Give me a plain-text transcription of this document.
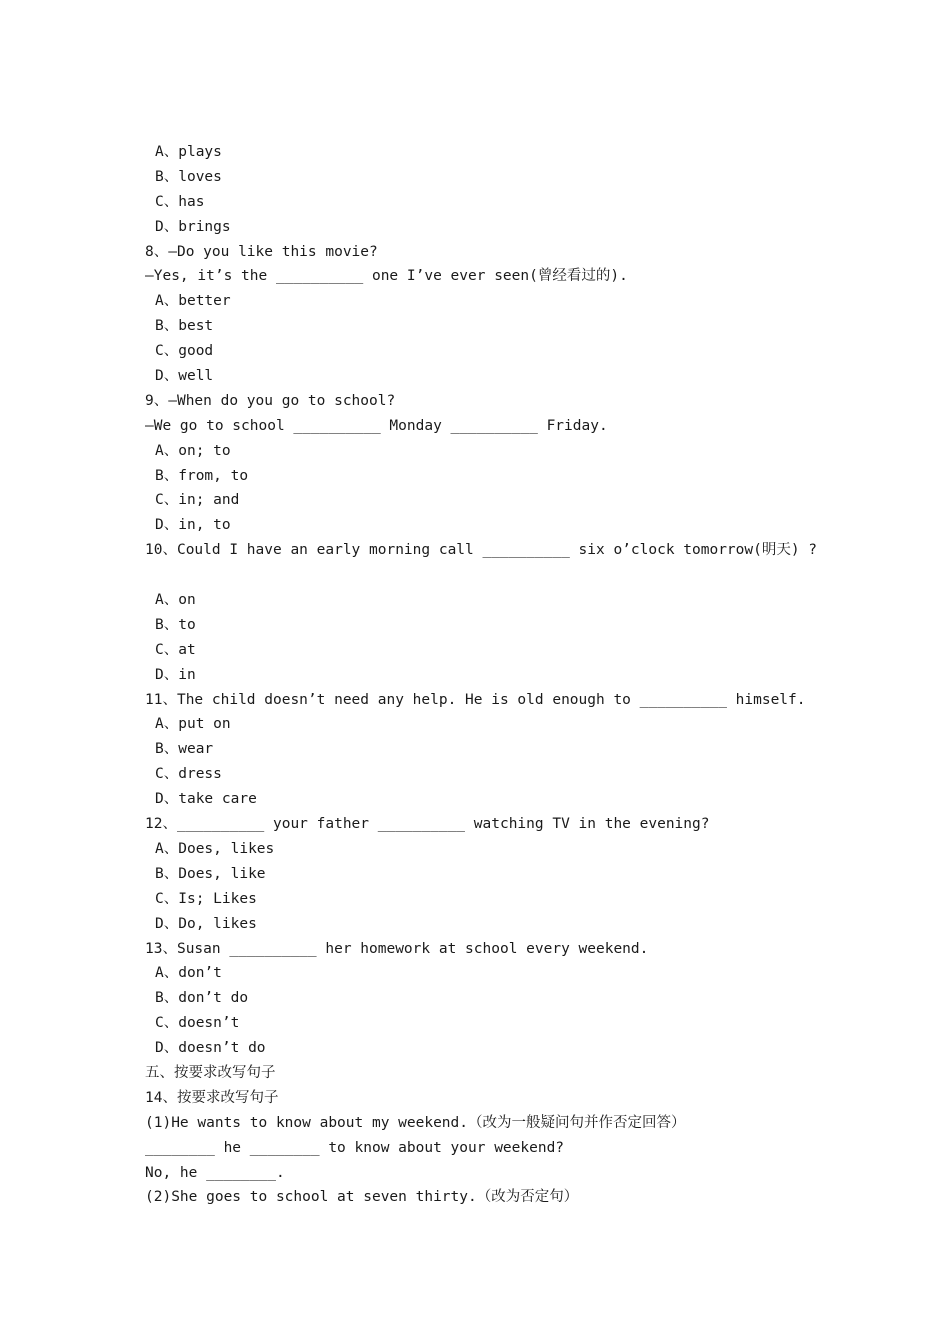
A、plays
B、loves
C、has
D、brings
8、—Do you like this movie?
—Yes, it’s the __________ one I’ve ever seen(曾经看过的).
A、better
B、best
C、good
D、well
9、—When do you go to school?
—We go to school __________ Monday __________ Friday.
A、on; to
B、from, to
C、in; and
D、in, to
10、Could I have an early morning call __________ six o’clock tomorrow(明天) ?
A、on
B、to
C、at
D、in
11、The child doesn’t need any help. He is old enough to __________ himself.
A、put on
B、wear
C、dress
D、take care
12、__________ your father __________ watching TV in the evening?
A、Does, likes
B、Does, like
C、Is; Likes
D、Do, likes
13、Susan __________ her homework at school every weekend.
A、don’t
B、don’t do
C、doesn’t
D、doesn’t do
五、按要求改写句子
14、按要求改写句子
(1)He wants to know about my weekend.（改为一般疑问句并作否定回答）
________ he ________ to know about your weekend?
No, he ________.
(2)She goes to school at seven thirty.（改为否定句）
